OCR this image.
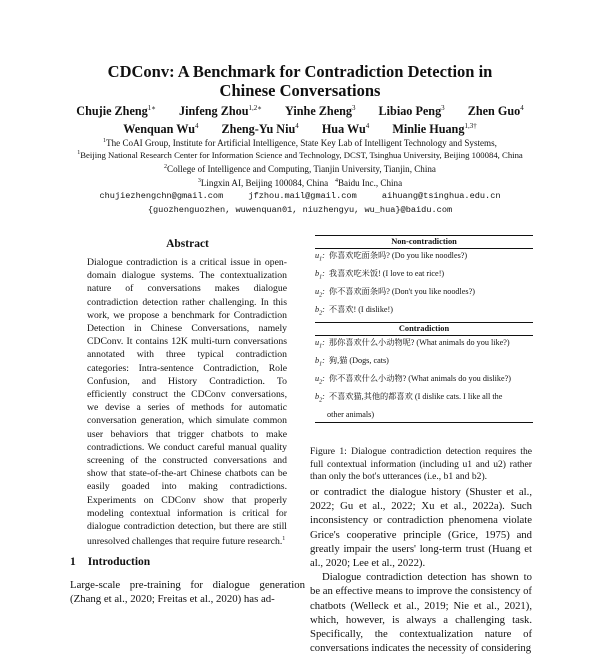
CDConv: A Benchmark for Contradiction Detection in
Chinese Conversations
Chujie Zheng$^{1∗}$ Jinfeng Zhou$^{1,2∗}$ Yinhe Zheng$^3$ Libiao Peng$^3$ Zhen Guo$^4$
Wenquan Wu$^4$ Zheng-Yu Niu$^4$ Hua Wu$^4$ Minlie Huang$^{1,3\dagger}$
$^1$The CoAI Group, Institute for Artificial Intelligence, State Key Lab of Intelligent Technology and Systems,
$^1$Beijing National Research Center for Information Science and Technology, DCST, Tsinghua University, Beijing 100084, China
$^2$College of Intelligence and Computing, Tianjin University, Tianjin, China
$^3$Lingxin AI, Beijing 100084, China $^4$Baidu Inc., China
chujiezhengchn@gmail.com	jfzhou.mail@gmail.com	aihuang@tsinghua.edu.cn
{guozhenguozhen, wuwenquan01, niuzhengyu, wu_hua}@baidu.com
Abstract

Dialogue contradiction is a critical issue in open-domain dialogue systems. The contextualization nature of conversations makes dialogue contradiction detection rather challenging. In this work, we propose a benchmark for Contradiction Detection in Chinese Conversations, namely CDConv. It contains 12K multi-turn conversations annotated with three typical contradiction categories: Intra-sentence Contradiction, Role Confusion, and History Contradiction. To efficiently construct the CDConv conversations, we devise a series of methods for automatic conversation generation, which simulate common user behaviors that trigger chatbots to make contradictions. We conduct careful manual quality screening of the constructed conversations and show that state-of-the-art Chinese chatbots can be easily goaded into making contradictions. Experiments on CDConv show that properly modeling contextual information is critical for dialogue contradiction detection, but there are still unresolved challenges that require future research.$^1$

1 Introduction
Large-scale pre-training for dialogue generation (Zhang et al., 2020; Freitas et al., 2020) has ad-
Non-contradiction
$u_1$: 你喜欢吃面条吗? (Do you like noodles?)
$b_1$: 我喜欢吃米饭! (I love to eat rice!)
$u_2$: 你不喜欢面条吗? (Don't you like noodles?)
$b_2$: 不喜欢! (I dislike!)
Contradiction
$u_1$: 那你喜欢什么小动物呢? (What animals do you like?)
$b_1$: 狗,猫 (Dogs, cats)
$u_2$: 你不喜欢什么小动物? (What animals do you dislike?)
$b_2$: 不喜欢猫,其他的都喜欢 (I dislike cats. I like all the
other animals)
Figure 1: Dialogue contradiction detection requires the full contextual information (including u1 and u2) rather than only the bot's utterances (i.e., b1 and b2).

or contradict the dialogue history (Shuster et al., 2022; Gu et al., 2022; Xu et al., 2022a). Such inconsistency or contradiction phenomena violate Grice's cooperative principle (Grice, 1975) and greatly impair the users' long-term trust (Huang et al., 2020; Lee et al., 2022).

Dialogue contradiction detection has shown to be an effective means to improve the consistency of chatbots (Welleck et al., 2019; Nie et al., 2021), which, however, is always a challenging task. Specifically, the contextualization nature of conversations indicates the necessity of considering
